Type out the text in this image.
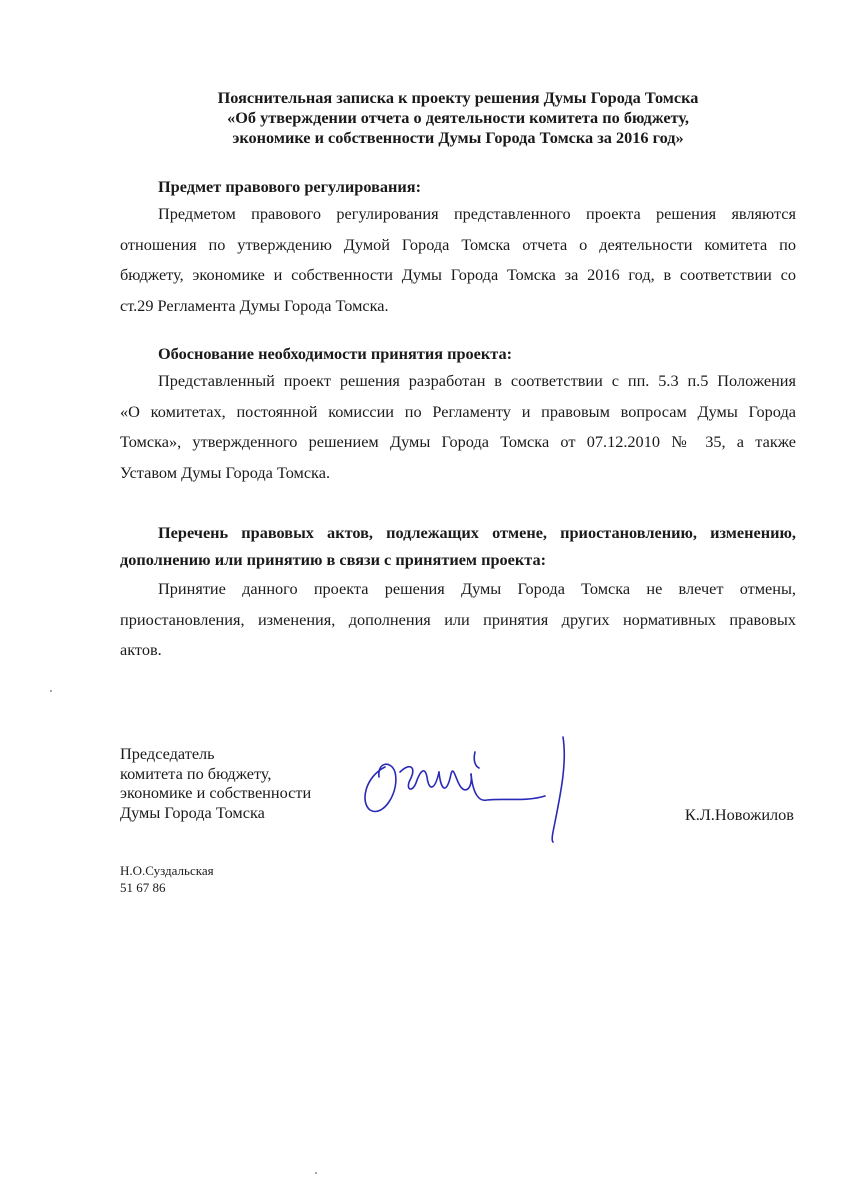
Пояснительная записка к проекту решения Думы Города Томска
«Об утверждении отчета о деятельности комитета по бюджету,
экономике и собственности Думы Города Томска за 2016 год»
Предмет правового регулирования:
Предметом правового регулирования представленного проекта решения являются
отношения по утверждению Думой Города Томска отчета о деятельности комитета по
бюджету, экономике и собственности Думы Города Томска за 2016 год, в соответствии со
ст.29 Регламента Думы Города Томска.
Обоснование необходимости принятия проекта:
Представленный проект решения разработан в соответствии с пп. 5.3 п.5 Положения
«О комитетах, постоянной комиссии по Регламенту и правовым вопросам Думы Города
Томска», утвержденного решением Думы Города Томска от 07.12.2010 № 35, а также
Уставом Думы Города Томска.
Перечень правовых актов, подлежащих отмене, приостановлению, изменению,
дополнению или принятию в связи с принятием проекта:
Принятие данного проекта решения Думы Города Томска не влечет отмены,
приостановления, изменения, дополнения или принятия других нормативных правовых
актов.
Председатель
комитета по бюджету,
экономике и собственности
Думы Города Томска	К.Л.Новожилов
Н.О.Суздальская
51 67 86
